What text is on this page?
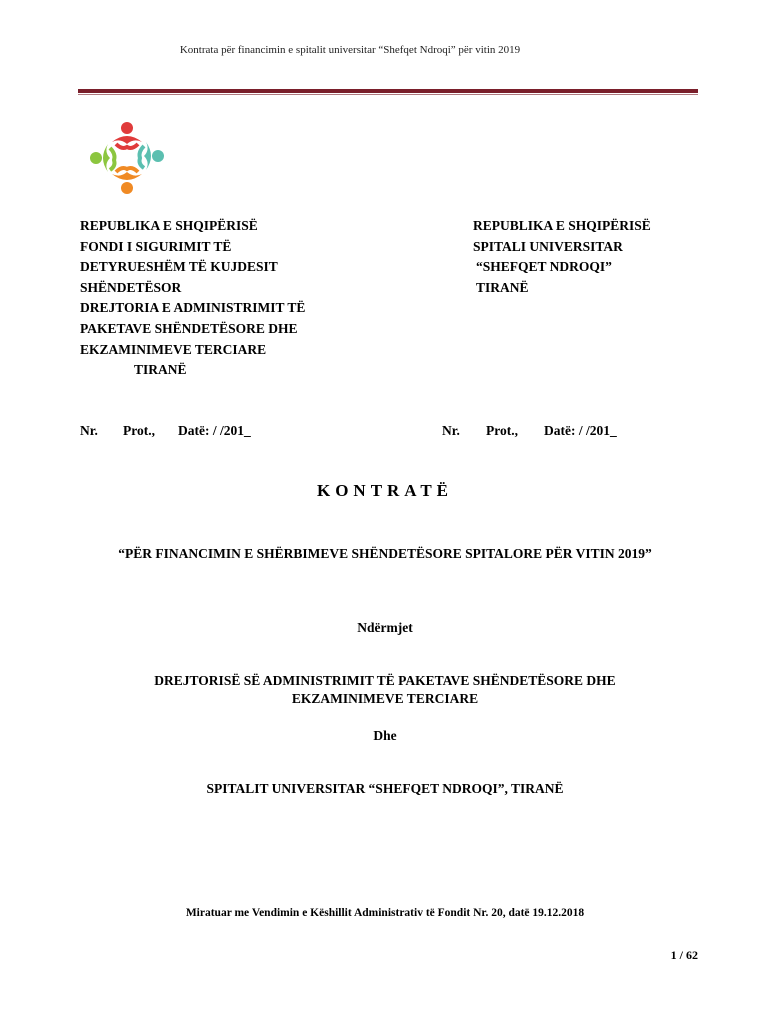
Kontrata për financimin e spitalit universitar “Shefqet Ndroqi” për vitin 2019
REPUBLIKA E SHQIPËRISË
FONDI I SIGURIMIT TË
DETYRUESHËM TË KUJDESIT
SHËNDETËSOR
DREJTORIA E ADMINISTRIMIT TË
PAKETAVE SHËNDETËSORE DHE
EKZAMINIMEVE TERCIARE
TIRANË
REPUBLIKA E SHQIPËRISË
SPITALI UNIVERSITAR
“SHEFQET NDROQI”
TIRANË
Nr. Prot., Datë: / /201_	Nr. Prot., Datë: / /201_
KONTRATË
“PËR FINANCIMIN E SHËRBIMEVE SHËNDETËSORE SPITALORE PËR VITIN 2019”
Ndërmjet
DREJTORISË SË ADMINISTRIMIT TË PAKETAVE SHËNDETËSORE DHE
EKZAMINIMEVE TERCIARE
Dhe
SPITALIT UNIVERSITAR “SHEFQET NDROQI”, TIRANË
Miratuar me Vendimin e Këshillit Administrativ të Fondit Nr. 20, datë 19.12.2018
1 / 62
